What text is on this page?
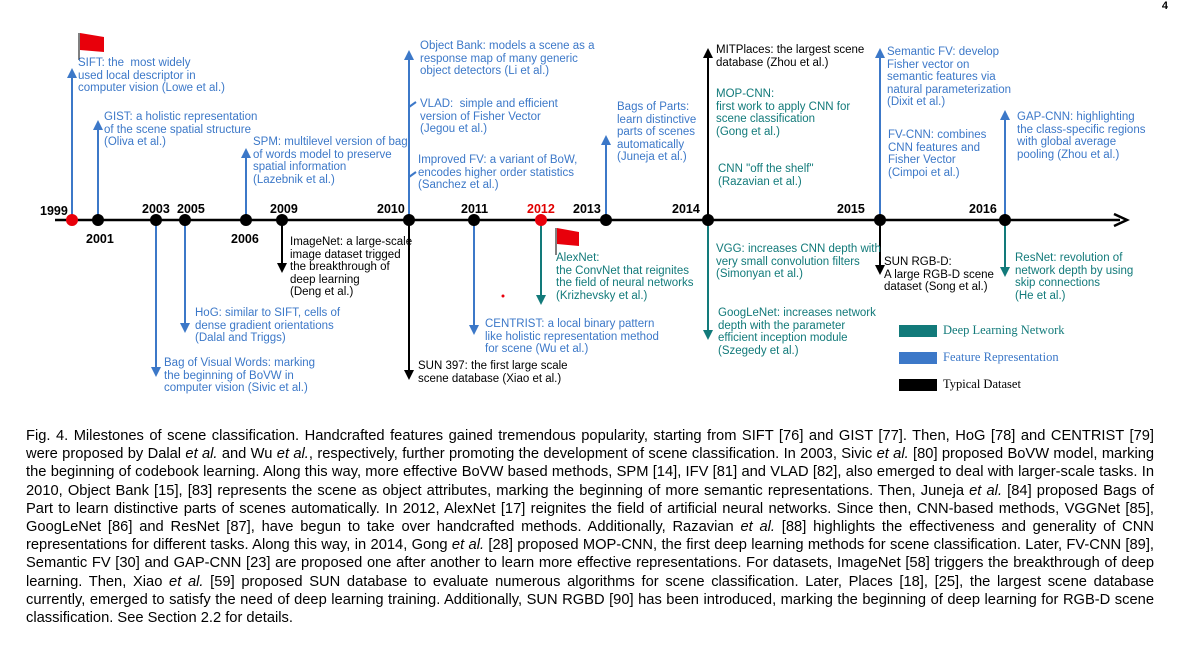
4
1999
2001
2003 2005
2006
2009	2010	2011	2012 2013	2014	2015	2016
SIFT: the  most widely
used local descriptor in
computer vision (Lowe et al.)
GIST: a holistic representation
of the scene spatial structure
(Oliva et al.)	SPM: multilevel version of bag
of words model to preserve
spatial information
(Lazebnik et al.)
Object Bank: models a scene as a
response map of many generic
object detectors (Li et al.)
VLAD:  simple and efficient
version of Fisher Vector
(Jegou et al.)
Improved FV: a variant of BoW,
encodes higher order statistics
(Sanchez et al.)
Bags of Parts:
learn distinctive
parts of scenes
automatically
(Juneja et al.)
MITPlaces: the largest scene
database (Zhou et al.)
MOP-CNN:
first work to apply CNN for
scene classification
(Gong et al.)
CNN "off the shelf"
(Razavian et al.)
Semantic FV: develop
Fisher vector on
semantic features via
natural parameterization
(Dixit et al.)
FV-CNN: combines
CNN features and
Fisher Vector
(Cimpoi et al.)
GAP-CNN: highlighting
the class-specific regions
with global average
pooling (Zhou et al.)
ImageNet: a large-scale
image dataset trigged
the breakthrough of
deep learning
(Deng et al.)
HoG: similar to SIFT, cells of
dense gradient orientations
(Dalal and Triggs)
Bag of Visual Words: marking
the beginning of BoVW in
computer vision (Sivic et al.)
SUN 397: the first large scale
scene database (Xiao et al.)
CENTRIST: a local binary pattern
like holistic representation method
for scene (Wu et al.)
AlexNet:
the ConvNet that reignites
the field of neural networks
(Krizhevsky et al.)
VGG: increases CNN depth with
very small convolution filters
(Simonyan et al.)
GoogLeNet: increases network
depth with the parameter
efficient inception module
(Szegedy et al.)
SUN RGB-D:
A large RGB-D scene
dataset (Song et al.)
ResNet: revolution of
network depth by using
skip connections
(He et al.)
Deep Learning Network
Feature Representation
Typical Dataset
Fig. 4. Milestones of scene classification. Handcrafted features gained tremendous popularity, starting from SIFT [76] and GIST [77]. Then, HoG [78] and CENTRIST [79] were proposed by Dalal et al. and Wu et al., respectively, further promoting the development of scene classification. In 2003, Sivic et al. [80] proposed BoVW model, marking the beginning of codebook learning. Along this way, more effective BoVW based methods, SPM [14], IFV [81] and VLAD [82], also emerged to deal with larger-scale tasks. In 2010, Object Bank [15], [83] represents the scene as object attributes, marking the beginning of more semantic representations. Then, Juneja et al. [84] proposed Bags of Part to learn distinctive parts of scenes automatically. In 2012, AlexNet [17] reignites the field of artificial neural networks. Since then, CNN-based methods, VGGNet [85], GoogLeNet [86] and ResNet [87], have begun to take over handcrafted methods. Additionally, Razavian et al. [88] highlights the effectiveness and generality of CNN representations for different tasks. Along this way, in 2014, Gong et al. [28] proposed MOP-CNN, the first deep learning methods for scene classification. Later, FV-CNN [89], Semantic FV [30] and GAP-CNN [23] are proposed one after another to learn more effective representations. For datasets, ImageNet [58] triggers the breakthrough of deep learning. Then, Xiao et al. [59] proposed SUN database to evaluate numerous algorithms for scene classification. Later, Places [18], [25], the largest scene database currently, emerged to satisfy the need of deep learning training. Additionally, SUN RGBD [90] has been introduced, marking the beginning of deep learning for RGB-D scene classification. See Section 2.2 for details.
